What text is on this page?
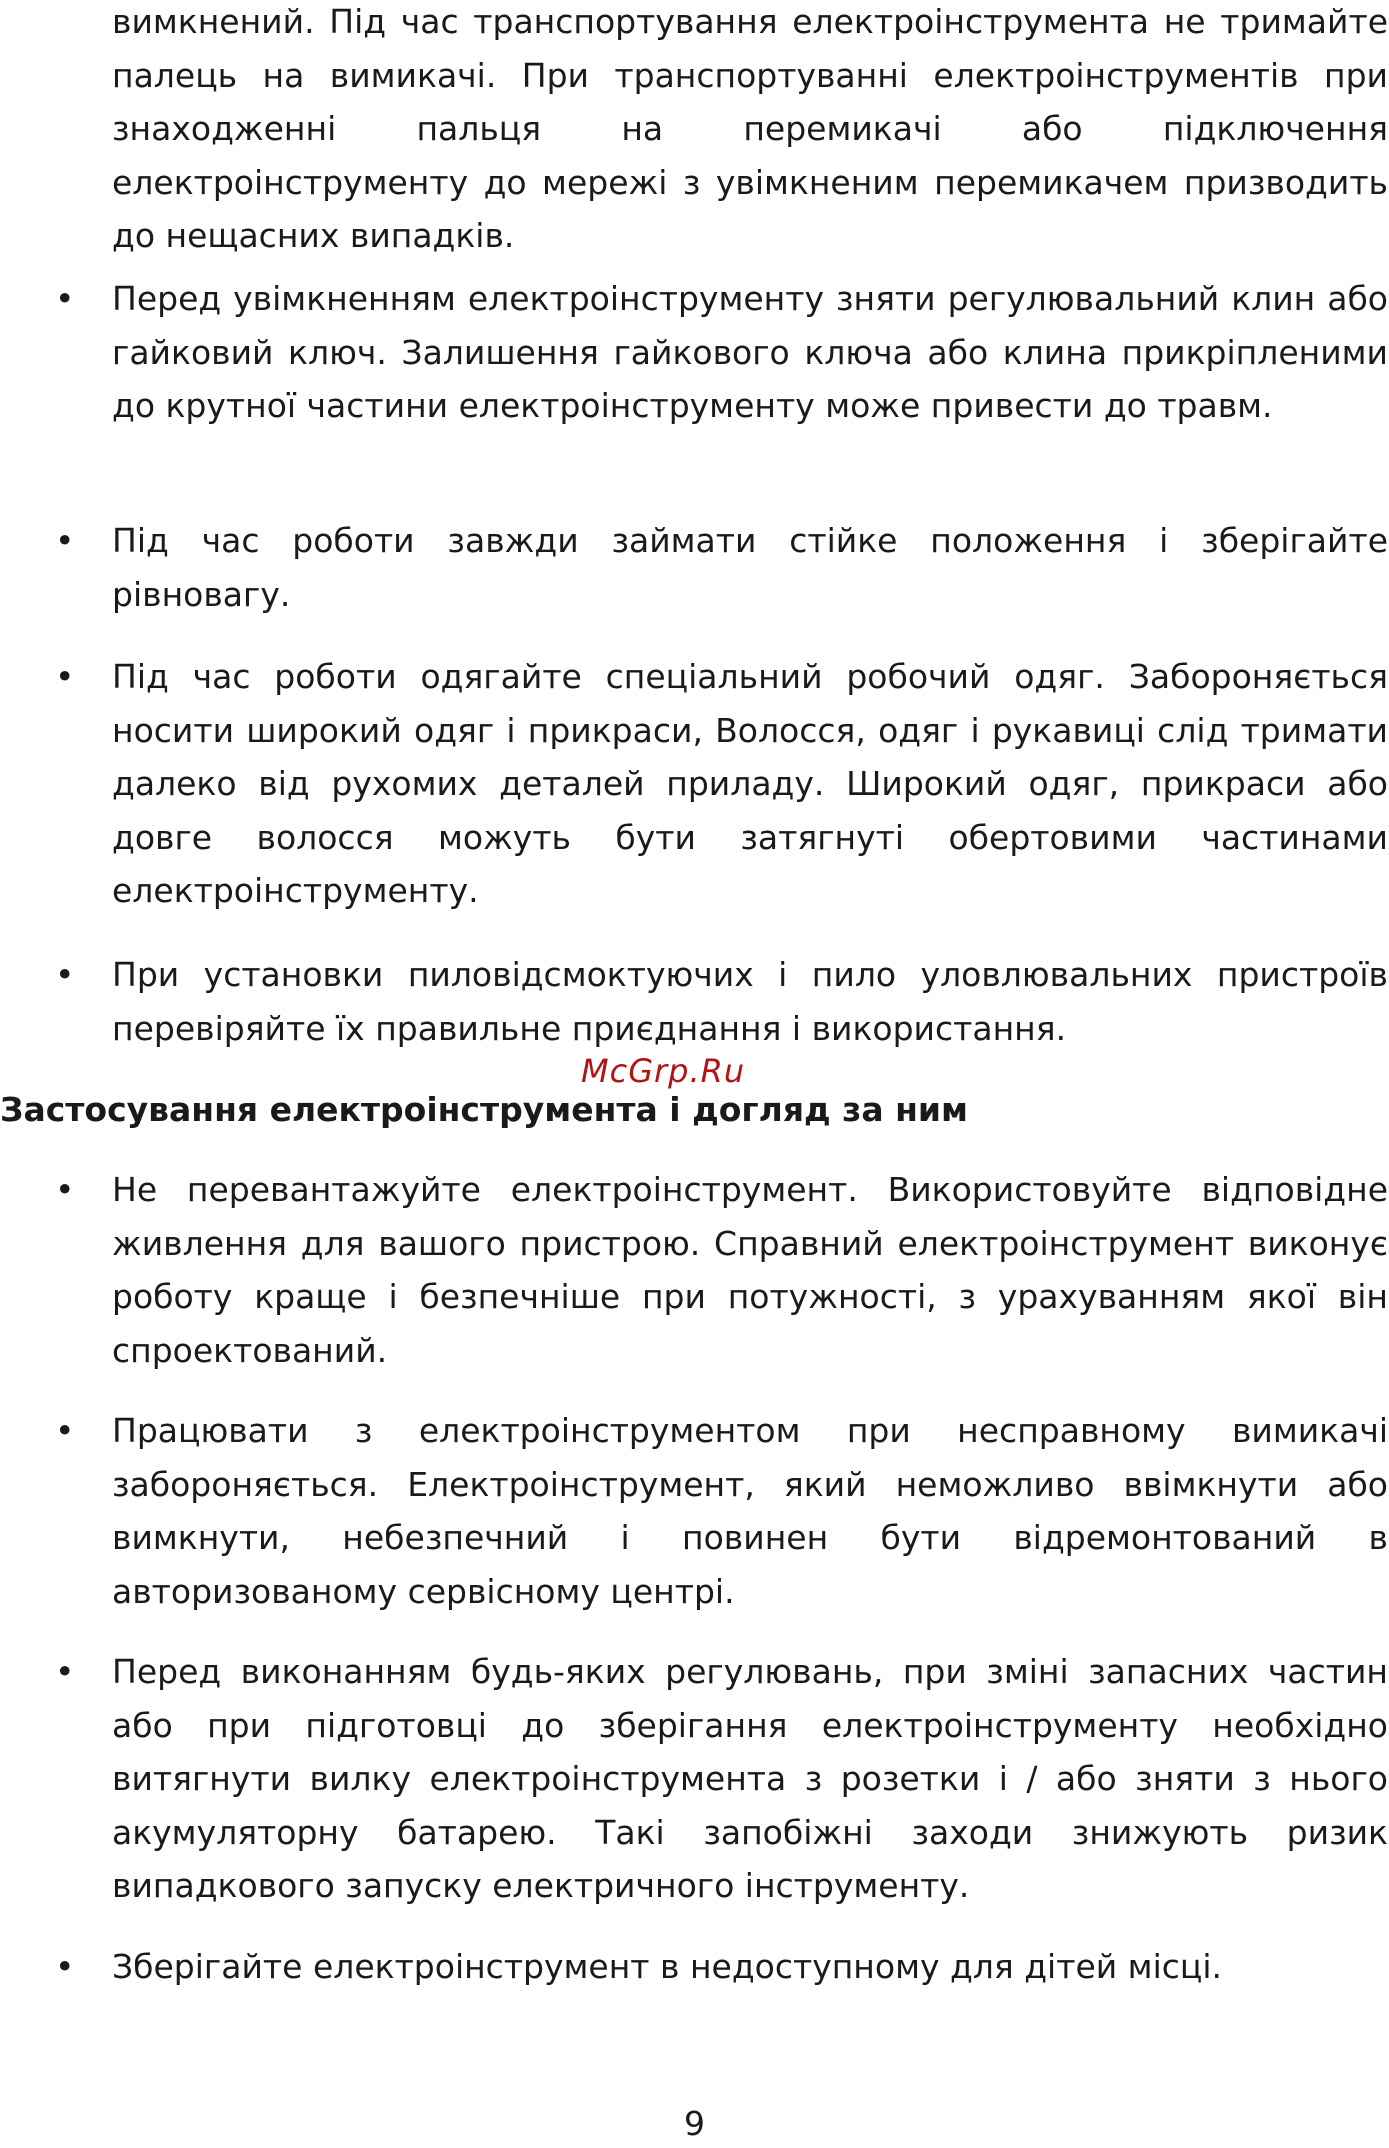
вимкнений. Під час транспортування електроінструмента не тримайте палець на вимикачі. При транспортуванні електроінструментів при знаходженні пальця на перемикачі або підключення електроінструменту до мережі з увімкненим перемикачем призводить до нещасних випадків.

• Перед увімкненням електроінструменту зняти регулювальний клин або гайковий ключ. Залишення гайкового ключа або клина прикріпленими до крутної частини електроінструменту може привести до травм.

• Під час роботи завжди займати стійке положення і зберігайте рівновагу.

• Під час роботи одягайте спеціальний робочий одяг. Забороняється носити широкий одяг і прикраси, Волосся, одяг і рукавиці слід тримати далеко від рухомих деталей приладу. Широкий одяг, прикраси або довге волосся можуть бути затягнуті обертовими частинами електроінструменту.

• При установки пиловідсмоктуючих і пило уловлювальних пристроїв перевіряйте їх правильне приєднання і використання.

McGrp.Ru
Застосування електроінструмента і догляд за ним
• Не перевантажуйте електроінструмент. Використовуйте відповідне живлення для вашого пристрою. Справний електроінструмент виконує роботу краще і безпечніше при потужності, з урахуванням якої він спроектований.

• Працювати з електроінструментом при несправному вимикачі забороняється. Електроінструмент, який неможливо ввімкнути або вимкнути, небезпечний і повинен бути відремонтований в авторизованому сервісному центрі.

• Перед виконанням будь-яких регулювань, при зміні запасних частин або при підготовці до зберігання електроінструменту необхідно витягнути вилку електроінструмента з розетки і / або зняти з нього акумуляторну батарею. Такі запобіжні заходи знижують ризик випадкового запуску електричного інструменту.

• Зберігайте електроінструмент в недоступному для дітей місці.

9
